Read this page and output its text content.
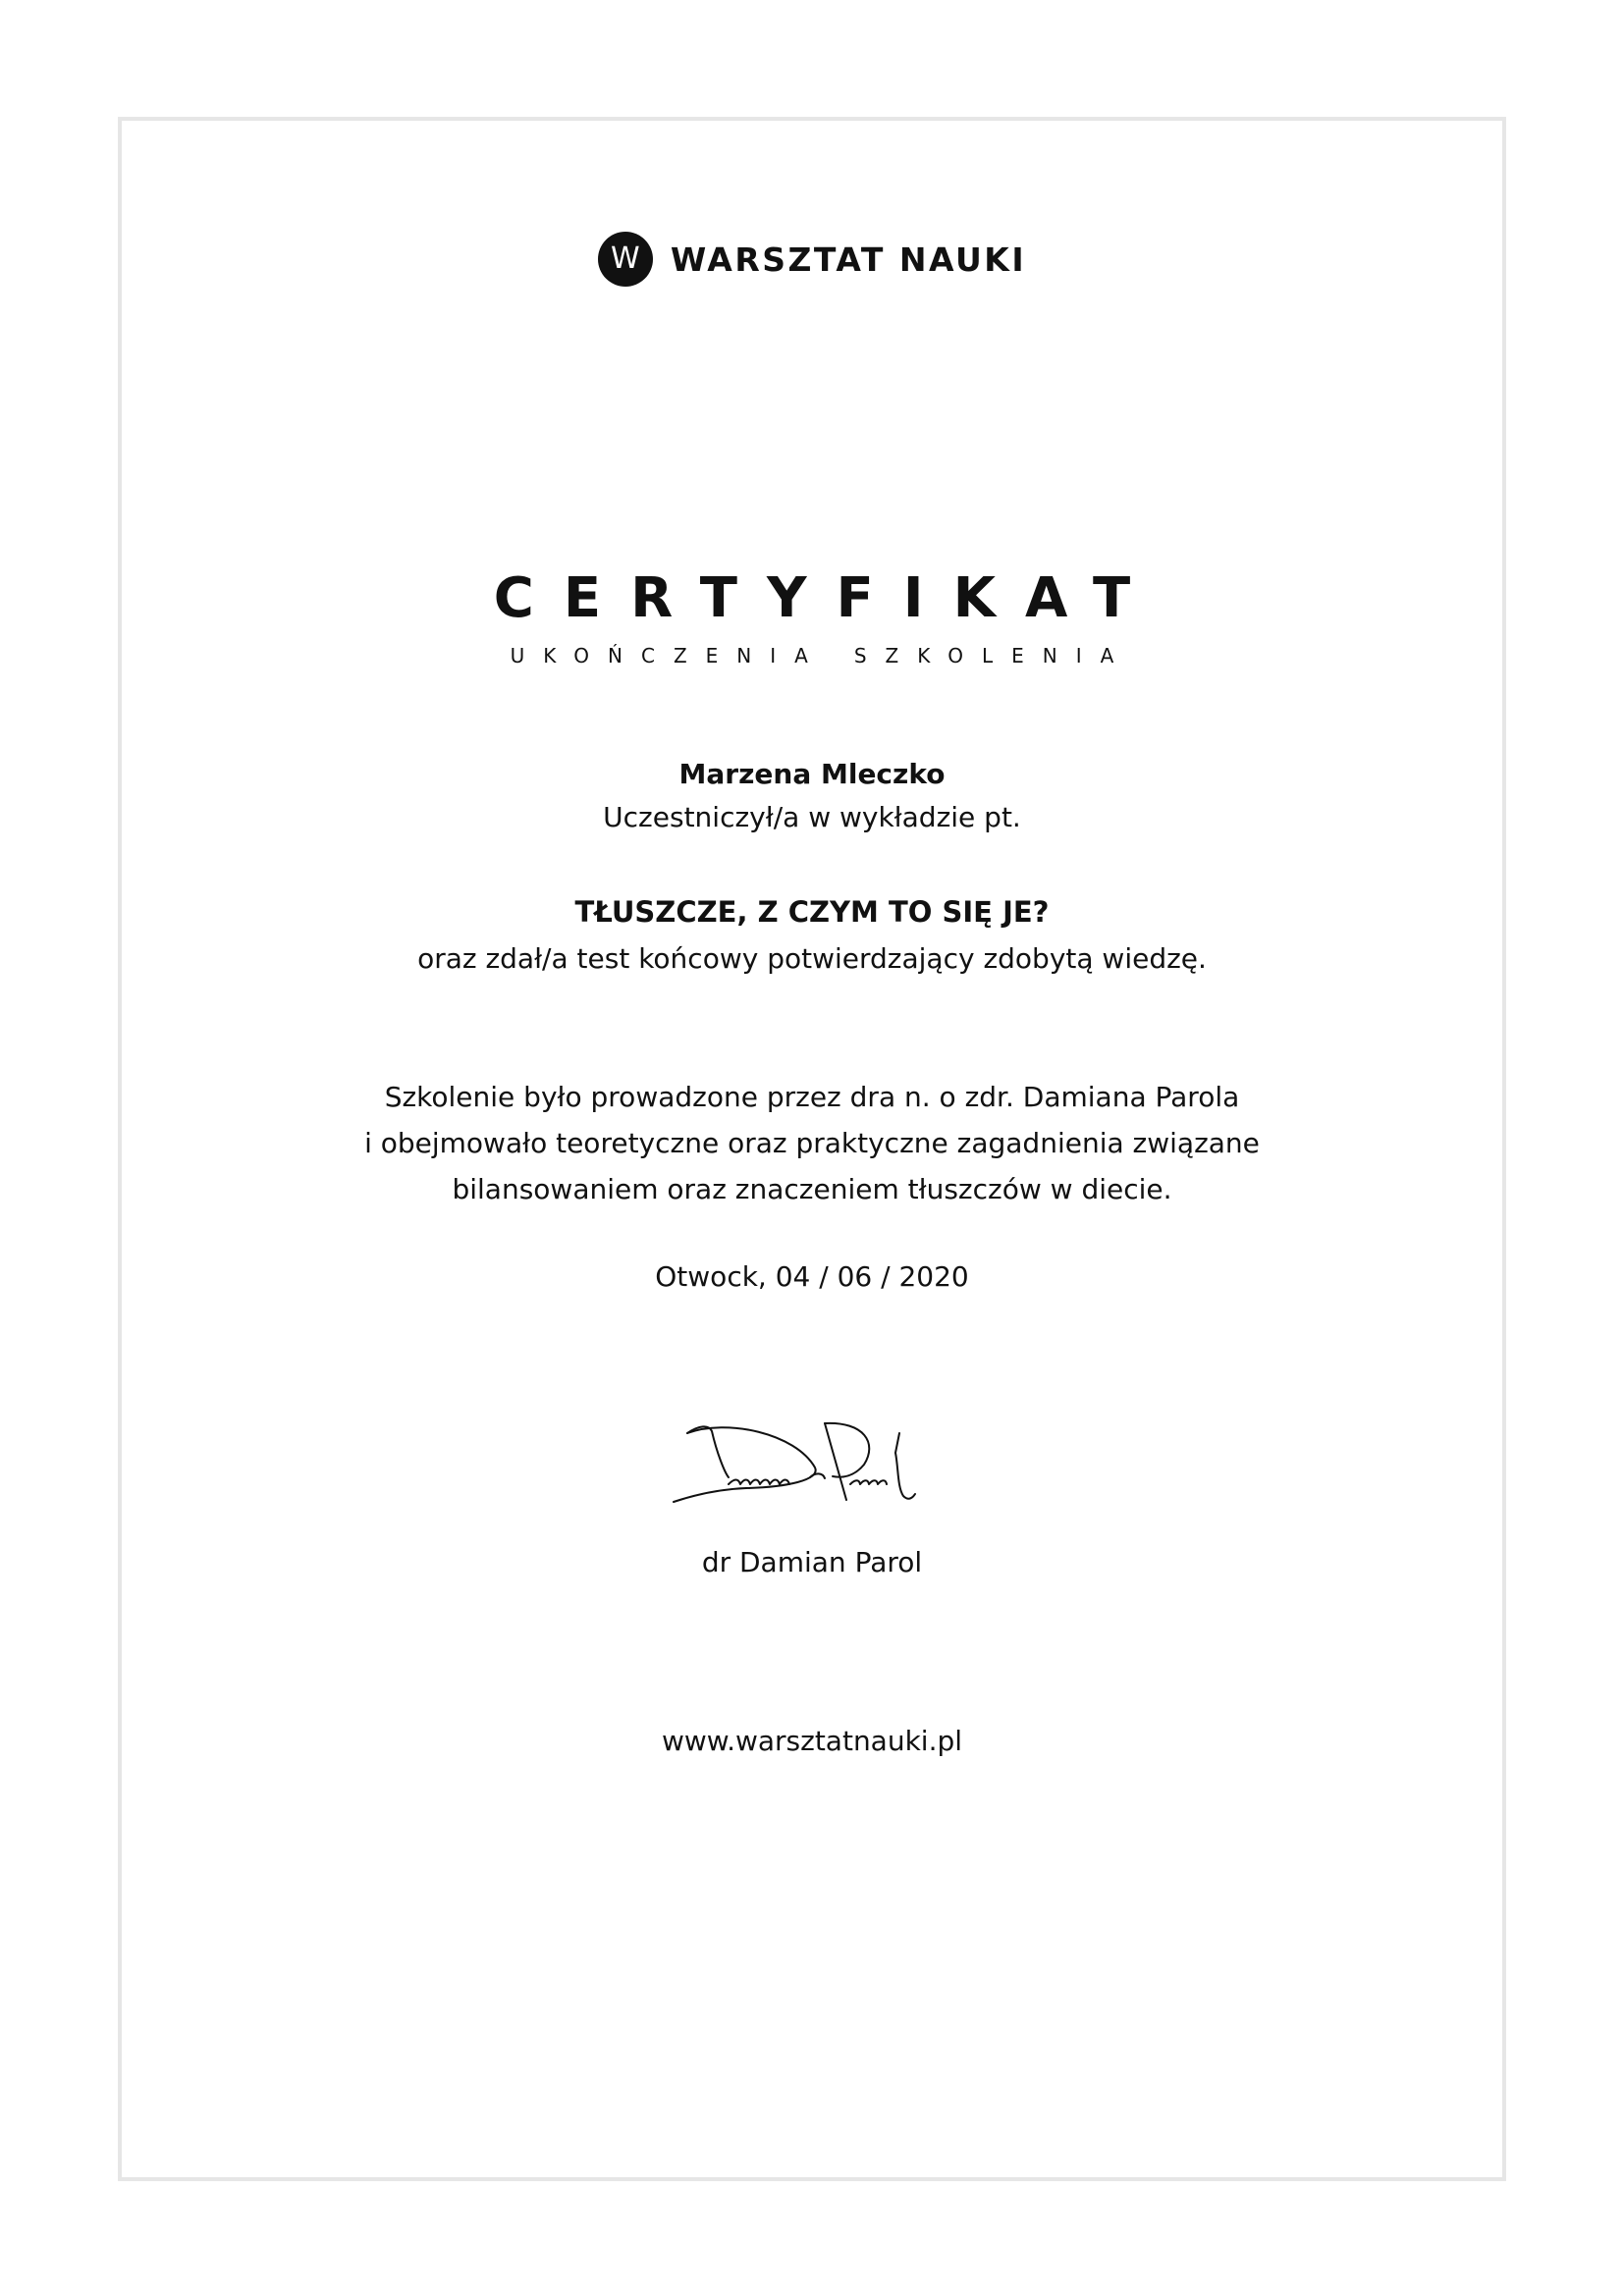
W WARSZTAT NAUKI
CERTYFIKAT
UKOŃCZENIA SZKOLENIA
Marzena Mleczko
Uczestniczył/a w wykładzie pt.
TŁUSZCZE, Z CZYM TO SIĘ JE?
oraz zdał/a test końcowy potwierdzający zdobytą wiedzę.
Szkolenie było prowadzone przez dra n. o zdr. Damiana Parola
i obejmowało teoretyczne oraz praktyczne zagadnienia związane
bilansowaniem oraz znaczeniem tłuszczów w diecie.
Otwock, 04 / 06 / 2020
dr Damian Parol
www.warsztatnauki.pl
